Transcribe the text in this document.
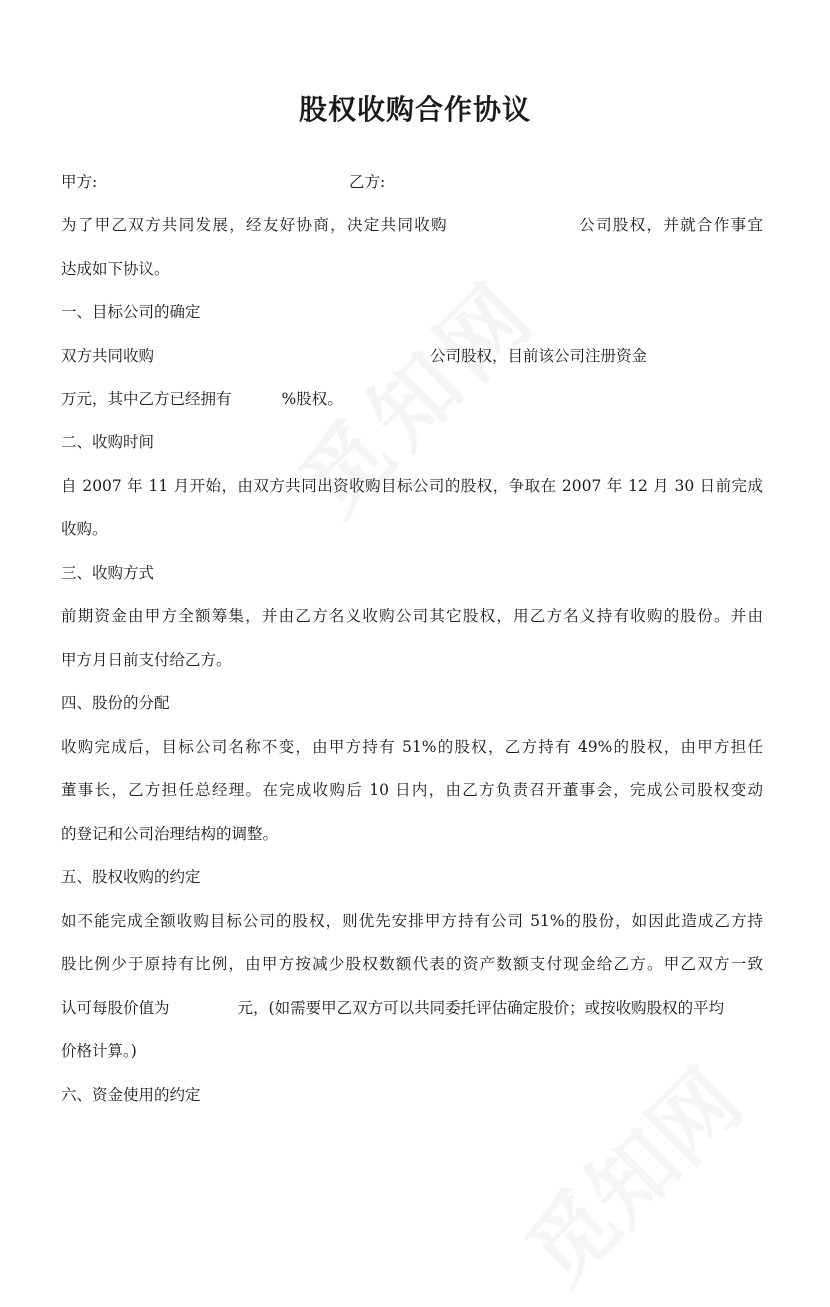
股权收购合作协议
甲方:	乙方:
为了甲乙双方共同发展，经友好协商，决定共同收购	公司股权，并就合作事宜
达成如下协议。
一、目标公司的确定
双方共同收购	公司股权，目前该公司注册资金
万元，其中乙方已经拥有	%股权。
二、收购时间
自 2007 年 11 月开始，由双方共同出资收购目标公司的股权，争取在 2007 年 12 月 30 日前完成
收购。
三、收购方式
前期资金由甲方全额筹集，并由乙方名义收购公司其它股权，用乙方名义持有收购的股份。并由
甲方月日前支付给乙方。
四、股份的分配
收购完成后，目标公司名称不变，由甲方持有 51%的股权，乙方持有 49%的股权，由甲方担任
董事长，乙方担任总经理。在完成收购后 10 日内，由乙方负责召开董事会，完成公司股权变动
的登记和公司治理结构的调整。
五、股权收购的约定
如不能完成全额收购目标公司的股权，则优先安排甲方持有公司 51%的股份，如因此造成乙方持
股比例少于原持有比例，由甲方按减少股权数额代表的资产数额支付现金给乙方。甲乙双方一致
认可每股价值为	元，(如需要甲乙双方可以共同委托评估确定股价；或按收购股权的平均
价格计算。)
六、资金使用的约定
